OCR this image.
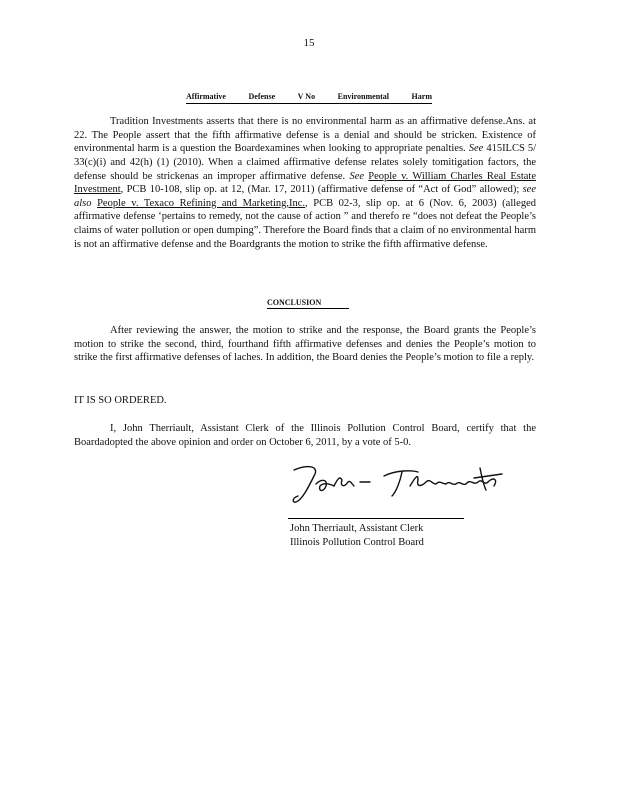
15
Affirmative	Defense	V No	Environmental	Harm

Tradition Investments asserts that there is no environmental harm as an affirmative defense.Ans. at 22. The People assert that the fifth affirmative defense is a denial and should be stricken. Existence of environmental harm is a question the Boardexamines when looking to appropriate penalties. See 415ILCS 5/ 33(c)(i) and 42(h) (1) (2010). When a claimed affirmative defense relates solely tomitigation factors, the defense should be strickenas an improper affirmative defense. See People v. William Charles Real Estate Investment, PCB 10-108, slip op. at 12, (Mar. 17, 2011) (affirmative defense of “Act of God” allowed); see also People v. Texaco Refining and Marketing,Inc., PCB 02-3, slip op. at 6 (Nov. 6, 2003) (alleged affirmative defense ‘pertains to remedy, not the cause of action ” and therefo re “does not defeat the People’s claims of water pollution or open dumping”. Therefore the Board finds that a claim of no environmental harm is not an affirmative defense and the Boardgrants the motion to strike the fifth affirmative defense.

CONCLUSION

After reviewing the answer, the motion to strike and the response, the Board grants the People’s motion to strike the second, third, fourthand fifth affirmative defenses and denies the People’s motion to strike the first affirmative defenses of laches. In addition, the Board denies the People’s motion to file a reply.

IT IS SO ORDERED.

I, John Therriault, Assistant Clerk of the Illinois Pollution Control Board, certify that the Boardadopted the above opinion and order on October 6, 2011, by a vote of 5-0.

John Therriault, Assistant Clerk
Illinois Pollution Control Board
